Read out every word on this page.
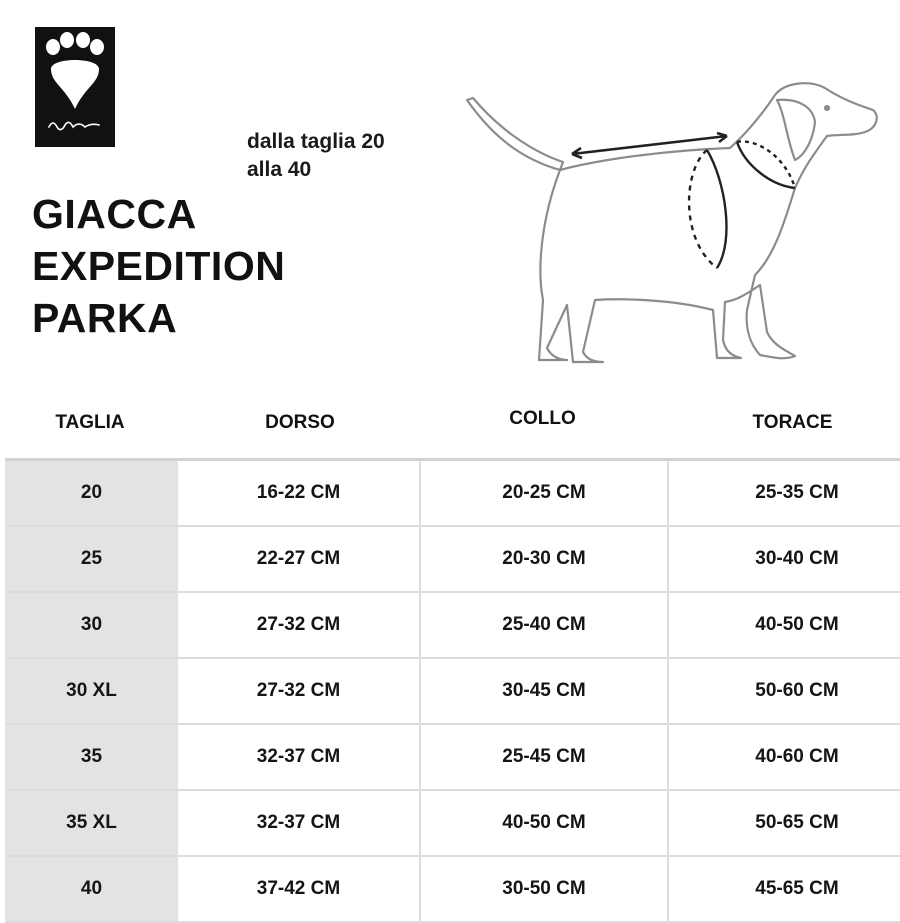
dalla taglia 20
alla 40
GIACCA
EXPEDITION
PARKA
TAGLIA	DORSO	COLLO	TORACE
20	16-22 CM	20-25 CM	25-35 CM
25	22-27 CM	20-30 CM	30-40 CM
30	27-32 CM	25-40 CM	40-50 CM
30 XL	27-32 CM	30-45 CM	50-60 CM
35	32-37 CM	25-45 CM	40-60 CM
35 XL	32-37 CM	40-50 CM	50-65 CM
40	37-42 CM	30-50 CM	45-65 CM
